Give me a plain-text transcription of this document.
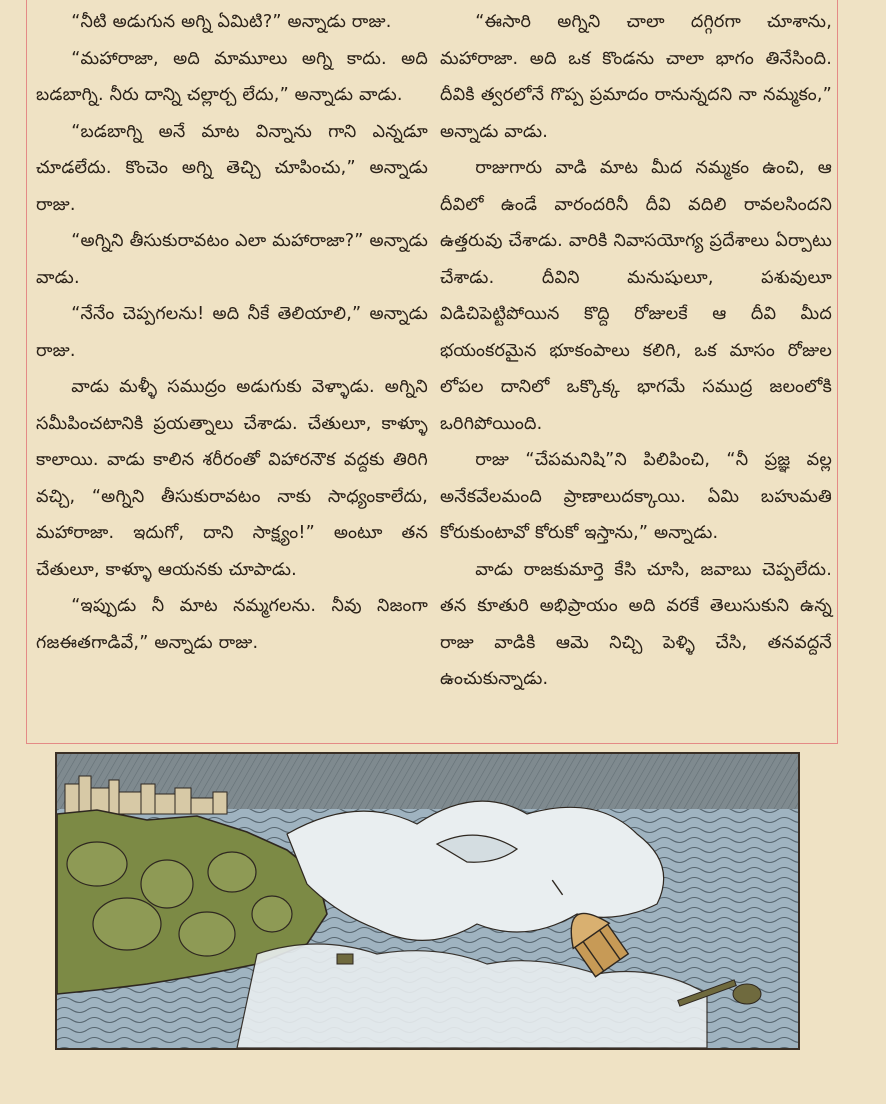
“నీటి అడుగున అగ్ని ఏమిటి?” అన్నాడు రాజు.

“మహారాజా, అది మామూలు అగ్ని కాదు. అది బడబాగ్ని. నీరు దాన్ని చల్లార్చ లేదు,” అన్నాడు వాడు.

“బడబాగ్ని అనే మాట విన్నాను గాని ఎన్నడూ చూడలేదు. కొంచెం అగ్ని తెచ్చి చూపించు,” అన్నాడు రాజు.

“అగ్నిని తీసుకురావటం ఎలా మహారాజా?” అన్నాడు వాడు.

“నేనేం చెప్పగలను! అది నీకే తెలియాలి,” అన్నాడు రాజు.

వాడు మళ్ళీ సముద్రం అడుగుకు వెళ్ళాడు. అగ్నిని సమీపించటానికి ప్రయత్నాలు చేశాడు. చేతులూ, కాళ్ళూ కాలాయి. వాడు కాలిన శరీరంతో విహారనౌక వద్దకు తిరిగి వచ్చి, “అగ్నిని తీసుకురావటం నాకు సాధ్యంకాలేదు, మహారాజా. ఇదుగో, దాని సాక్ష్యం!” అంటూ తన చేతులూ, కాళ్ళూ ఆయనకు చూపాడు.

“ఇప్పుడు నీ మాట నమ్మగలను. నీవు నిజంగా గజఈతగాడివే,” అన్నాడు రాజు.

“ఈసారి అగ్నిని చాలా దగ్గిరగా చూశాను, మహారాజా. అది ఒక కొండను చాలా భాగం తినేసింది. దీవికి త్వరలోనే గొప్ప ప్రమాదం రానున్నదని నా నమ్మకం,” అన్నాడు వాడు.

రాజుగారు వాడి మాట మీద నమ్మకం ఉంచి, ఆ దీవిలో ఉండే వారందరినీ దీవి వదిలి రావలసిందని ఉత్తరువు చేశాడు. వారికి నివాసయోగ్య ప్రదేశాలు ఏర్పాటు చేశాడు. దీవిని మనుషులూ, పశువులూ విడిచిపెట్టిపోయిన కొద్ది రోజులకే ఆ దీవి మీద భయంకరమైన భూకంపాలు కలిగి, ఒక మాసం రోజుల లోపల దానిలో ఒక్కొక్క భాగమే సముద్ర జలంలోకి ఒరిగిపోయింది.

రాజు “చేపమనిషి”ని పిలిపించి, “నీ ప్రజ్ఞ వల్ల అనేకవేలమంది ప్రాణాలుదక్కాయి. ఏమి బహుమతి కోరుకుంటావో కోరుకో ఇస్తాను,” అన్నాడు.

వాడు రాజకుమార్తె కేసి చూసి, జవాబు చెప్పలేదు. తన కూతురి అభిప్రాయం అది వరకే తెలుసుకుని ఉన్న రాజు వాడికి ఆమె నిచ్చి పెళ్ళి చేసి, తనవద్దనే ఉంచుకున్నాడు.
